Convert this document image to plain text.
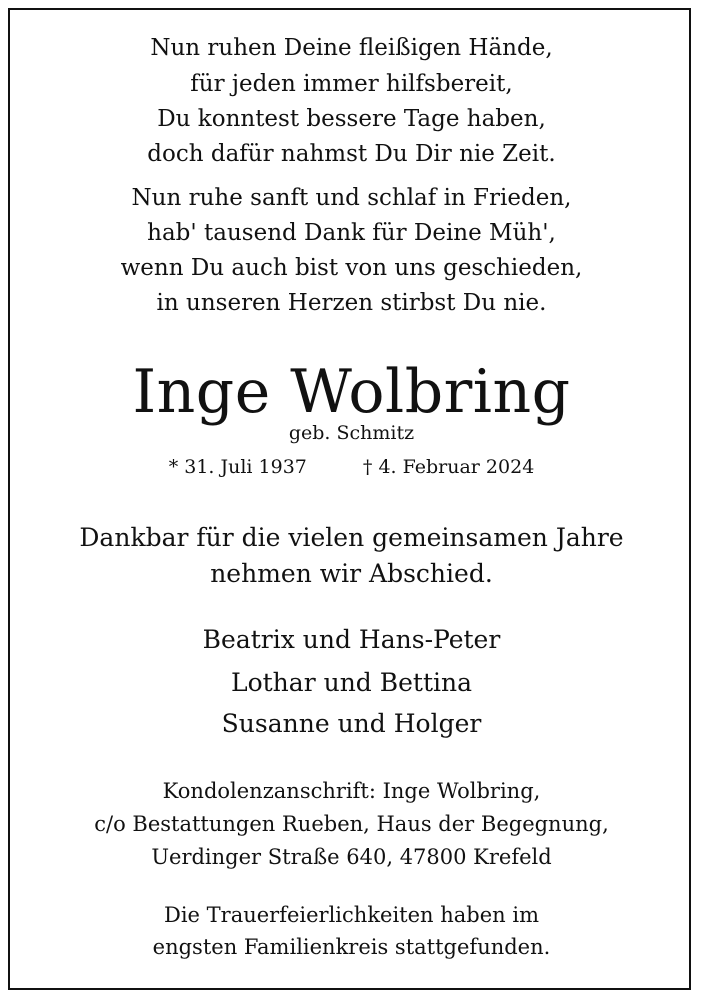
Nun ruhen Deine fleißigen Hände,
für jeden immer hilfsbereit,
Du konntest bessere Tage haben,
doch dafür nahmst Du Dir nie Zeit.
Nun ruhe sanft und schlaf in Frieden,
hab' tausend Dank für Deine Müh',
wenn Du auch bist von uns geschieden,
in unseren Herzen stirbst Du nie.
Inge Wolbring
geb. Schmitz
* 31. Juli 1937	† 4. Februar 2024
Dankbar für die vielen gemeinsamen Jahre
nehmen wir Abschied.
Beatrix und Hans-Peter
Lothar und Bettina
Susanne und Holger
Kondolenzanschrift: Inge Wolbring,
c/o Bestattungen Rueben, Haus der Begegnung,
Uerdinger Straße 640, 47800 Krefeld
Die Trauerfeierlichkeiten haben im
engsten Familienkreis stattgefunden.
